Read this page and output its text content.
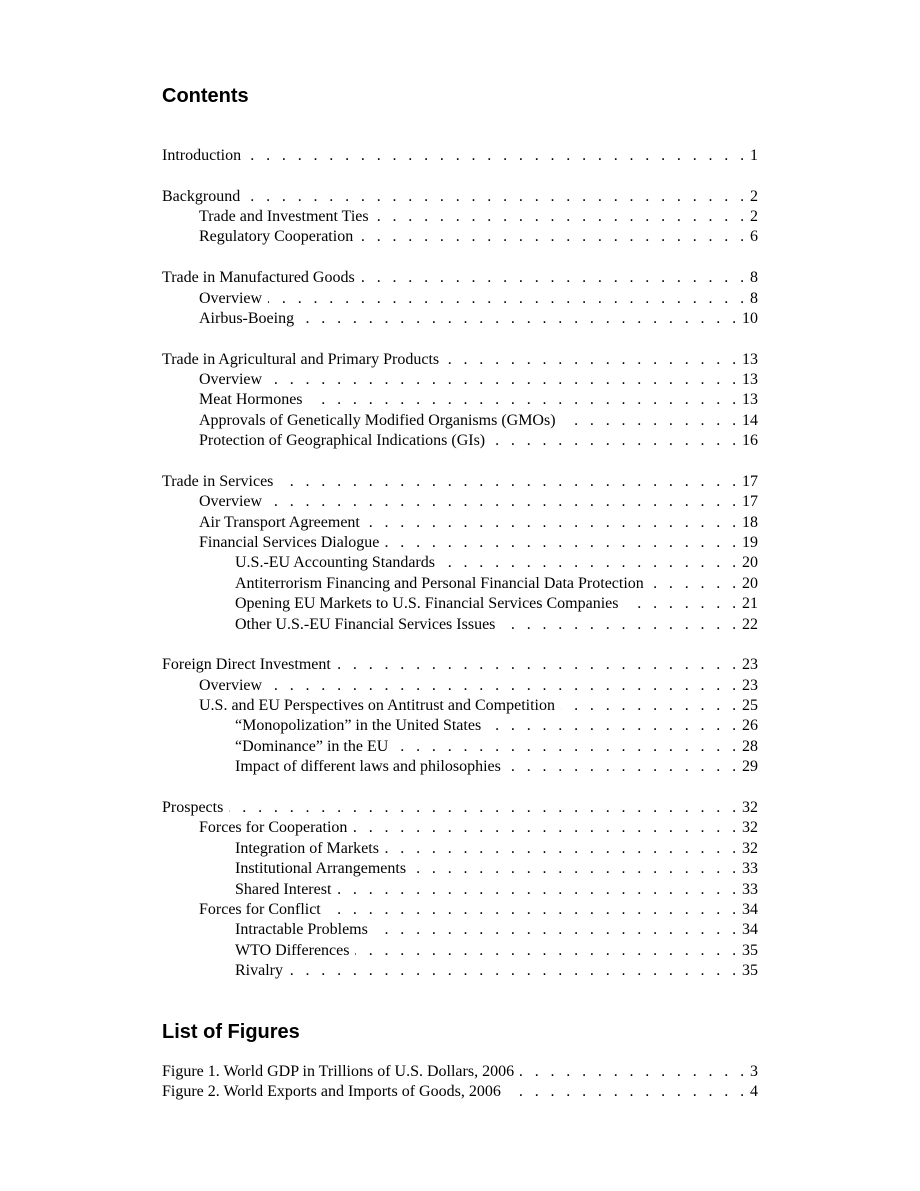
Contents
Introduction . . .	1
Background . . .	2
Trade and Investment Ties . . .	2
Regulatory Cooperation . . .	6
Trade in Manufactured Goods . . .	8
Overview . . .	8
Airbus-Boeing . . .	10
Trade in Agricultural and Primary Products . . .	13
Overview . . .	13
Meat Hormones . . .	13
Approvals of Genetically Modified Organisms (GMOs) . . .	14
Protection of Geographical Indications (GIs) . . .	16
Trade in Services . . .	17
Overview . . .	17
Air Transport Agreement . . .	18
Financial Services Dialogue . . .	19
U.S.-EU Accounting Standards . . .	20
Antiterrorism Financing and Personal Financial Data Protection . . .	20
Opening EU Markets to U.S. Financial Services Companies . . .	21
Other U.S.-EU Financial Services Issues . . .	22
Foreign Direct Investment . . .	23
Overview . . .	23
U.S. and EU Perspectives on Antitrust and Competition . . .	25
“Monopolization” in the United States . . .	26
“Dominance” in the EU . . .	28
Impact of different laws and philosophies . . .	29
Prospects . . .	32
Forces for Cooperation . . .	32
Integration of Markets . . .	32
Institutional Arrangements . . .	33
Shared Interest . . .	33
Forces for Conflict . . .	34
Intractable Problems . . .	34
WTO Differences . . .	35
Rivalry . . .	35
List of Figures
Figure 1. World GDP in Trillions of U.S. Dollars, 2006 . . .	3
Figure 2. World Exports and Imports of Goods, 2006 . . .	4
